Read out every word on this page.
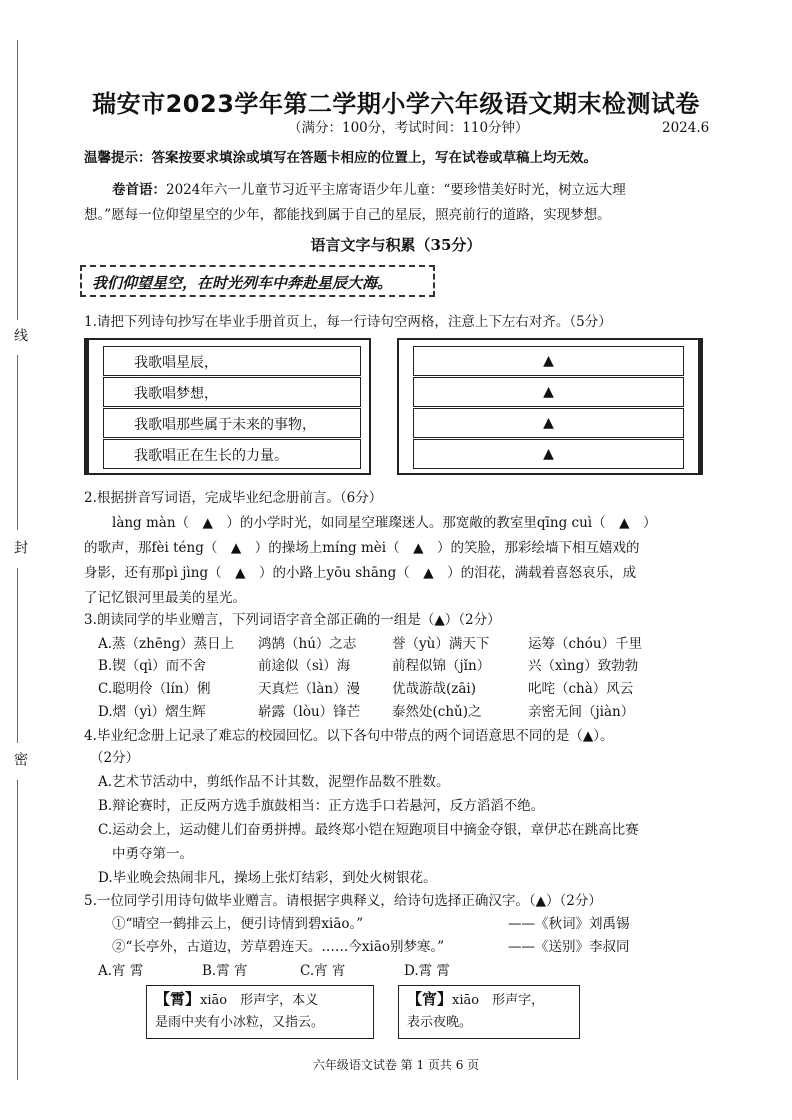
线
封
密
瑞安市2023学年第二学期小学六年级语文期末检测试卷
（满分：100分，考试时间：110分钟）	2024.6
温馨提示：答案按要求填涂或填写在答题卡相应的位置上，写在试卷或草稿上均无效。
卷首语：2024年六一儿童节习近平主席寄语少年儿童：“要珍惜美好时光，树立远大理
想。”愿每一位仰望星空的少年，都能找到属于自己的星辰，照亮前行的道路，实现梦想。
语言文字与积累（35分）
我们仰望星空，在时光列车中奔赴星辰大海。
1.请把下列诗句抄写在毕业手册首页上，每一行诗句空两格，注意上下左右对齐。（5分）
我歌唱星辰，
我歌唱梦想，
我歌唱那些属于未来的事物，
我歌唱正在生长的力量。
▲
▲
▲
▲
2.根据拼音写词语，完成毕业纪念册前言。（6分）
làng màn（　▲　）的小学时光，如同星空璀璨迷人。那宽敞的教室里qīng cuì（　▲　）
的歌声，那fèi téng（　▲　）的操场上míng mèi（　▲　）的笑脸，那彩绘墙下相互嬉戏的
身影，还有那pì jìng（　▲　）的小路上yōu shāng（　▲　）的泪花，满载着喜怒哀乐，成
了记忆银河里最美的星光。
3.朗读同学的毕业赠言，下列词语字音全部正确的一组是（▲）（2分）
A.蒸（zhēng）蒸日上 鸿鹄（hú）之志	誉（yù）满天下	运筹（chóu）千里
B.锲（qì）而不舍	前途似（sì）海	前程似锦（jǐn）	兴（xìng）致勃勃
C.聪明伶（lín）俐	天真烂（làn）漫 优哉游哉(zāi)	叱咤（chà）风云
D.熠（yì）熠生辉	崭露（lòu）锋芒 泰然处(chǔ)之	亲密无间（jiàn）
4.毕业纪念册上记录了难忘的校园回忆。以下各句中带点的两个词语意思不同的是（▲）。
（2分）
A.艺术节活动中，剪纸作品不计其数，泥塑作品数不胜数。
B.辩论赛时，正反两方选手旗鼓相当：正方选手口若悬河，反方滔滔不绝。
C.运动会上，运动健儿们奋勇拼搏。最终郑小铠在短跑项目中摘金夺银，章伊芯在跳高比赛
中勇夺第一。
D.毕业晚会热闹非凡，操场上张灯结彩，到处火树银花。
5.一位同学引用诗句做毕业赠言。请根据字典释义，给诗句选择正确汉字。（▲）（2分）
①“晴空一鹤排云上，便引诗情到碧xiāo。”	——《秋词》刘禹锡
②“长亭外，古道边，芳草碧连天。……今xiāo别梦寒。”	——《送别》李叔同
A.宵 霄	B.霄 宵	C.宵 宵	D.霄 霄
【霄】xiāo　形声字，本义
是雨中夹有小冰粒，又指云。
【宵】xiāo　形声字，
表示夜晚。
六年级语文试卷 第 1 页共 6 页
